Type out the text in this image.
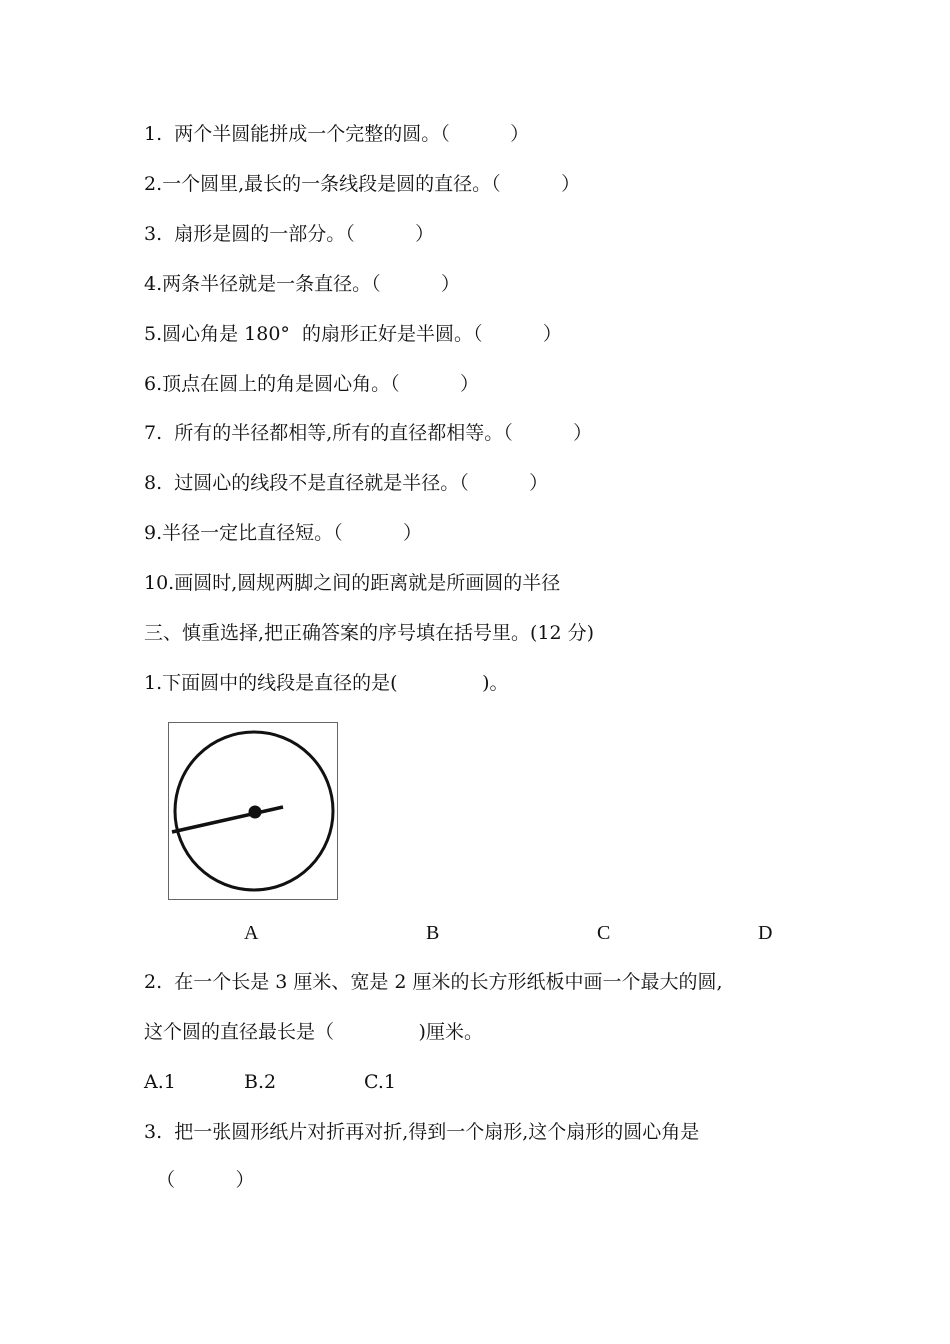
1.  两个半圆能拼成一个完整的圆。（          ）
2.一个圆里,最长的一条线段是圆的直径。（          ）
3.  扇形是圆的一部分。（          ）
4.两条半径就是一条直径。（          ）
5.圆心角是 180°  的扇形正好是半圆。（          ）
6.顶点在圆上的角是圆心角。（          ）
7.  所有的半径都相等,所有的直径都相等。（          ）
8.  过圆心的线段不是直径就是半径。（          ）
9.半径一定比直径短。（          ）
10.画圆时,圆规两脚之间的距离就是所画圆的半径
三、慎重选择,把正确答案的序号填在括号里。(12 分)
1.下面圆中的线段是直径的是(              )。
A	B	C	D
2.  在一个长是 3 厘米、宽是 2 厘米的长方形纸板中画一个最大的圆,
这个圆的直径最长是（              )厘米。
A.1	B.2	C.1
3.  把一张圆形纸片对折再对折,得到一个扇形,这个扇形的圆心角是
（          ）
